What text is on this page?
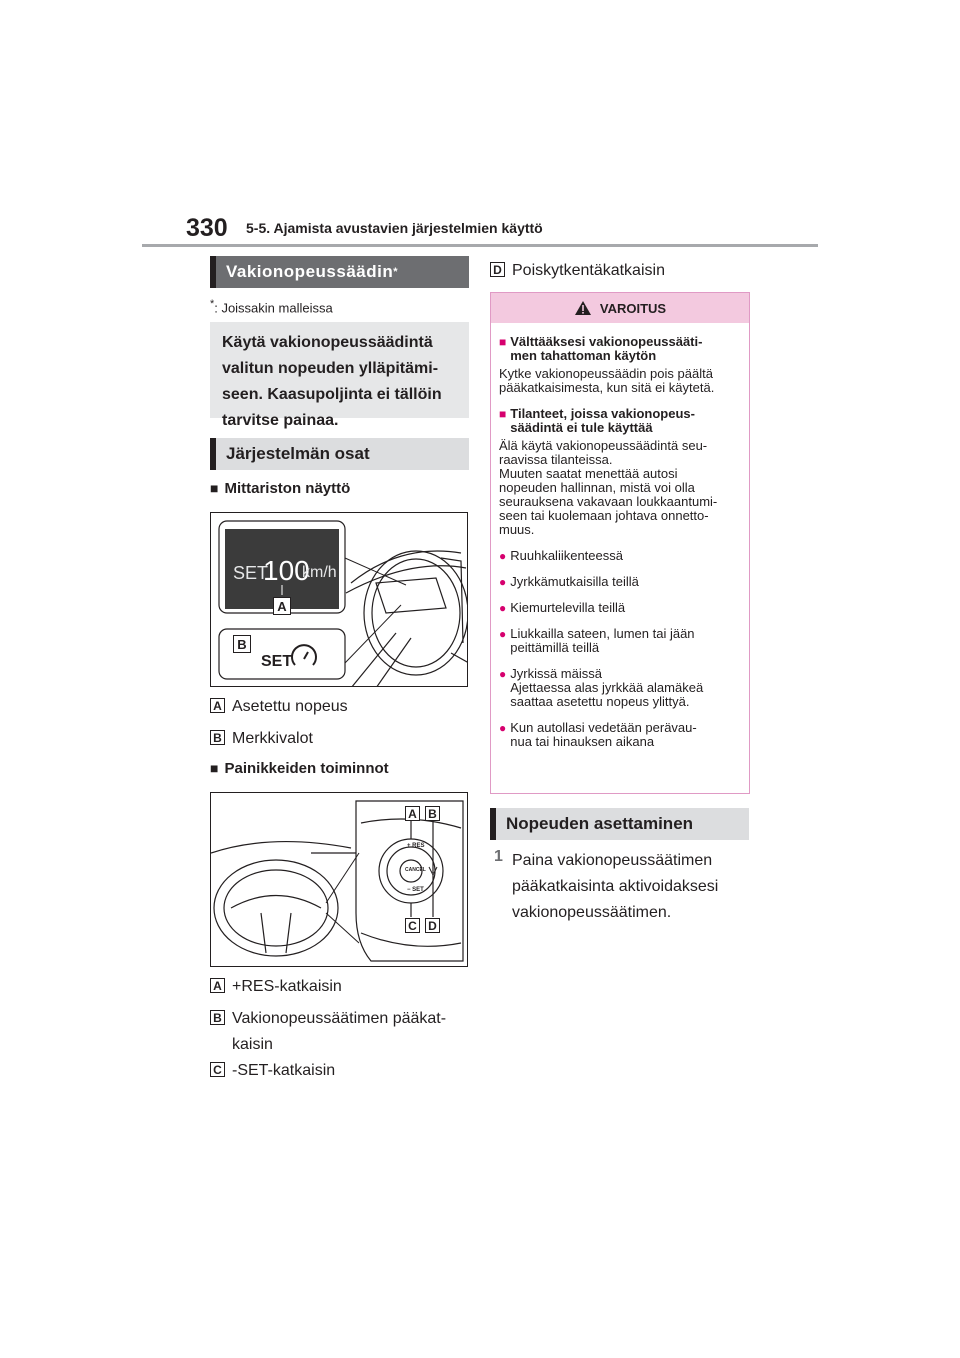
330 5-5. Ajamista avustavien järjestelmien käyttö
Vakionopeussäädin *
*: Joissakin malleissa
Käytä vakionopeussäädintä valitun nopeuden ylläpitämi-seen. Kaasupoljinta ei tällöin tarvitse painaa.
Järjestelmän osat
■ Mittariston näyttö
SET
100
km/h
A
B
SET
A Asetettu nopeus
B Merkkivalot
■ Painikkeiden toiminnot
+ RES
CANCEL
− SET
A B
C D
A +RES-katkaisin
B Vakionopeussäätimen pääkat-
kaisin
C -SET-katkaisin
D Poiskytkentäkatkaisin
VAROITUS
■ Välttääksesi vakionopeussääti-
men tahattoman käytön
Kytke vakionopeussäädin pois päältä
pääkatkaisimesta, kun sitä ei käytetä.
■ Tilanteet, joissa vakionopeus-
säädintä ei tule käyttää
Älä käytä vakionopeussäädintä seu-
raavissa tilanteissa.
Muuten saatat menettää autosi
nopeuden hallinnan, mistä voi olla
seurauksena vakavaan loukkaantumi-
seen tai kuolemaan johtava onnetto-
muus.
● Ruuhkaliikenteessä
● Jyrkkämutkaisilla teillä
● Kiemurtelevilla teillä
● Liukkailla sateen, lumen tai jään
peittämillä teillä
● Jyrkissä mäissä
Ajettaessa alas jyrkkää alamäkeä
saattaa asetettu nopeus ylittyä.
● Kun autollasi vedetään perävau-
nua tai hinauksen aikana
Nopeuden asettaminen
1 Paina vakionopeussäätimen
pääkatkaisinta aktivoidaksesi
vakionopeussäätimen.
